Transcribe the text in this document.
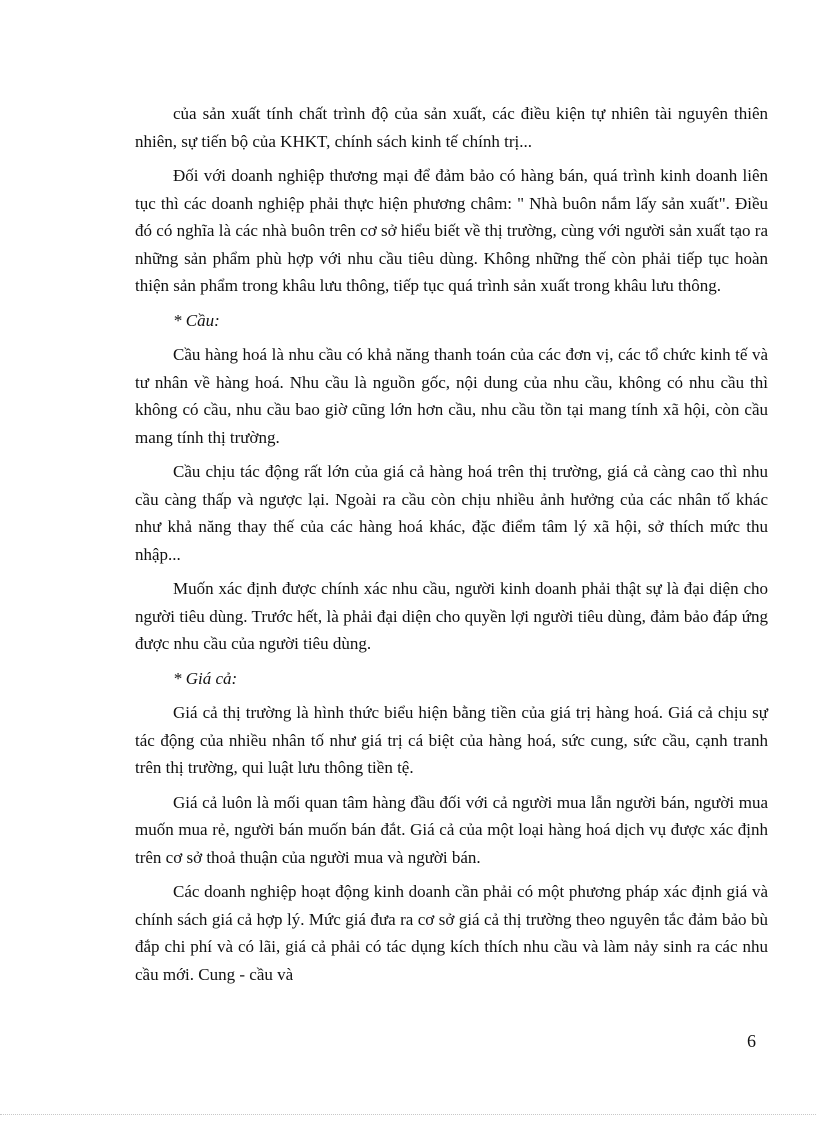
của sản xuất tính chất trình độ của sản xuất, các điều kiện tự nhiên tài nguyên thiên nhiên, sự tiến bộ của KHKT, chính sách kinh tế chính trị...

Đối với doanh nghiệp thương mại để đảm bảo có hàng bán, quá trình kinh doanh liên tục thì các doanh nghiệp phải thực hiện phương châm: " Nhà buôn nắm lấy sản xuất". Điều đó có nghĩa là các nhà buôn trên cơ sở hiểu biết về thị trường, cùng với người sản xuất tạo ra những sản phẩm phù hợp với nhu cầu tiêu dùng. Không những thế còn phải tiếp tục hoàn thiện sản phẩm trong khâu lưu thông, tiếp tục quá trình sản xuất trong khâu lưu thông.

* Cầu:

Cầu hàng hoá là nhu cầu có khả năng thanh toán của các đơn vị, các tổ chức kinh tế và tư nhân về hàng hoá. Nhu cầu là nguồn gốc, nội dung của nhu cầu, không có nhu cầu thì không có cầu, nhu cầu bao giờ cũng lớn hơn cầu, nhu cầu tồn tại mang tính xã hội, còn cầu mang tính thị trường.

Cầu chịu tác động rất lớn của giá cả hàng hoá trên thị trường, giá cả càng cao thì nhu cầu càng thấp và ngược lại. Ngoài ra cầu còn chịu nhiều ảnh hưởng của các nhân tố khác như khả năng thay thế của các hàng hoá khác, đặc điểm tâm lý xã hội, sở thích mức thu nhập...

Muốn xác định được chính xác nhu cầu, người kinh doanh phải thật sự là đại diện cho người tiêu dùng. Trước hết, là phải đại diện cho quyền lợi người tiêu dùng, đảm bảo đáp ứng được nhu cầu của người tiêu dùng.

* Giá cả:

Giá cả thị trường là hình thức biểu hiện bằng tiền của giá trị hàng hoá. Giá cả chịu sự tác động của nhiều nhân tố như giá trị cá biệt của hàng hoá, sức cung, sức cầu, cạnh tranh trên thị trường, qui luật lưu thông tiền tệ.

Giá cả luôn là mối quan tâm hàng đầu đối với cả người mua lẫn người bán, người mua muốn mua rẻ, người bán muốn bán đắt. Giá cả của một loại hàng hoá dịch vụ được xác định trên cơ sở thoả thuận của người mua và người bán.

Các doanh nghiệp hoạt động kinh doanh cần phải có một phương pháp xác định giá và chính sách giá cả hợp lý. Mức giá đưa ra cơ sở giá cả thị trường theo nguyên tắc đảm bảo bù đắp chi phí và có lãi, giá cả phải có tác dụng kích thích nhu cầu và làm nảy sinh ra các nhu cầu mới. Cung - cầu và

6
